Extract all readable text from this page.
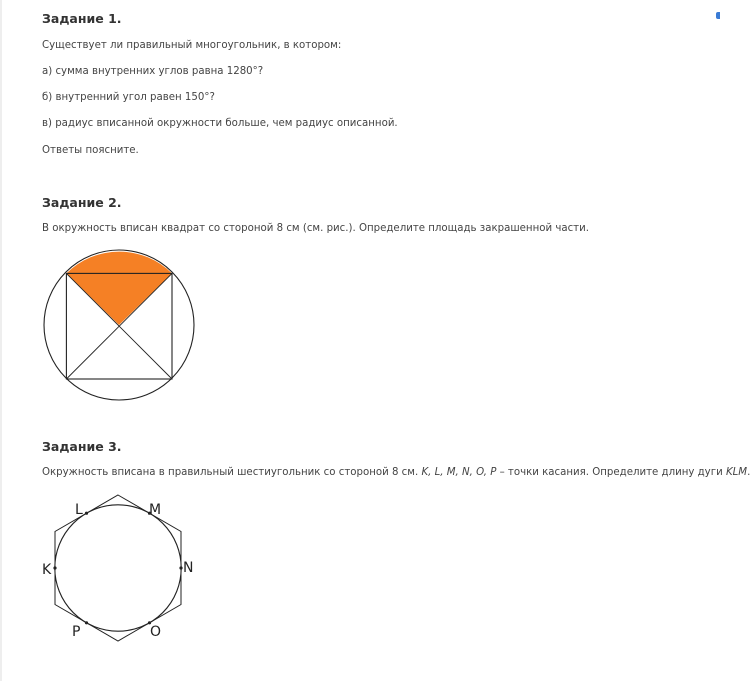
Задание 1.
Существует ли правильный многоугольник, в котором:
а) сумма внутренних углов равна 1280°?
б) внутренний угол равен 150°?
в) радиус вписанной окружности больше, чем радиус описанной.
Ответы поясните.
Задание 2.
В окружность вписан квадрат со стороной 8 см (см. рис.). Определите площадь закрашенной части.
Задание 3.
Окружность вписана в правильный шестиугольник со стороной 8 см. K, L, M, N, O, P – точки касания. Определите длину дуги KLM
L	M
K	N
P	O
